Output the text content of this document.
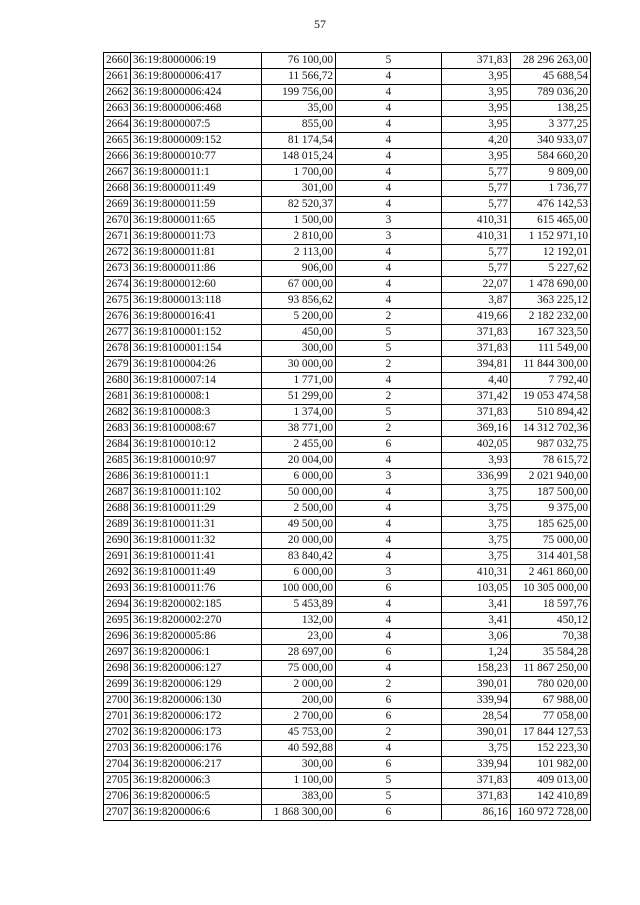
57
2660	36:19:8000006:19	76 100,00	5	371,83	28 296 263,00
2661	36:19:8000006:417	11 566,72	4	3,95	45 688,54
2662	36:19:8000006:424	199 756,00	4	3,95	789 036,20
2663	36:19:8000006:468	35,00	4	3,95	138,25
2664	36:19:8000007:5	855,00	4	3,95	3 377,25
2665	36:19:8000009:152	81 174,54	4	4,20	340 933,07
2666	36:19:8000010:77	148 015,24	4	3,95	584 660,20
2667	36:19:8000011:1	1 700,00	4	5,77	9 809,00
2668	36:19:8000011:49	301,00	4	5,77	1 736,77
2669	36:19:8000011:59	82 520,37	4	5,77	476 142,53
2670	36:19:8000011:65	1 500,00	3	410,31	615 465,00
2671	36:19:8000011:73	2 810,00	3	410,31	1 152 971,10
2672	36:19:8000011:81	2 113,00	4	5,77	12 192,01
2673	36:19:8000011:86	906,00	4	5,77	5 227,62
2674	36:19:8000012:60	67 000,00	4	22,07	1 478 690,00
2675	36:19:8000013:118	93 856,62	4	3,87	363 225,12
2676	36:19:8000016:41	5 200,00	2	419,66	2 182 232,00
2677	36:19:8100001:152	450,00	5	371,83	167 323,50
2678	36:19:8100001:154	300,00	5	371,83	111 549,00
2679	36:19:8100004:26	30 000,00	2	394,81	11 844 300,00
2680	36:19:8100007:14	1 771,00	4	4,40	7 792,40
2681	36:19:8100008:1	51 299,00	2	371,42	19 053 474,58
2682	36:19:8100008:3	1 374,00	5	371,83	510 894,42
2683	36:19:8100008:67	38 771,00	2	369,16	14 312 702,36
2684	36:19:8100010:12	2 455,00	6	402,05	987 032,75
2685	36:19:8100010:97	20 004,00	4	3,93	78 615,72
2686	36:19:8100011:1	6 000,00	3	336,99	2 021 940,00
2687	36:19:8100011:102	50 000,00	4	3,75	187 500,00
2688	36:19:8100011:29	2 500,00	4	3,75	9 375,00
2689	36:19:8100011:31	49 500,00	4	3,75	185 625,00
2690	36:19:8100011:32	20 000,00	4	3,75	75 000,00
2691	36:19:8100011:41	83 840,42	4	3,75	314 401,58
2692	36:19:8100011:49	6 000,00	3	410,31	2 461 860,00
2693	36:19:8100011:76	100 000,00	6	103,05	10 305 000,00
2694	36:19:8200002:185	5 453,89	4	3,41	18 597,76
2695	36:19:8200002:270	132,00	4	3,41	450,12
2696	36:19:8200005:86	23,00	4	3,06	70,38
2697	36:19:8200006:1	28 697,00	6	1,24	35 584,28
2698	36:19:8200006:127	75 000,00	4	158,23	11 867 250,00
2699	36:19:8200006:129	2 000,00	2	390,01	780 020,00
2700	36:19:8200006:130	200,00	6	339,94	67 988,00
2701	36:19:8200006:172	2 700,00	6	28,54	77 058,00
2702	36:19:8200006:173	45 753,00	2	390,01	17 844 127,53
2703	36:19:8200006:176	40 592,88	4	3,75	152 223,30
2704	36:19:8200006:217	300,00	6	339,94	101 982,00
2705	36:19:8200006:3	1 100,00	5	371,83	409 013,00
2706	36:19:8200006:5	383,00	5	371,83	142 410,89
2707	36:19:8200006:6	1 868 300,00	6	86,16	160 972 728,00
